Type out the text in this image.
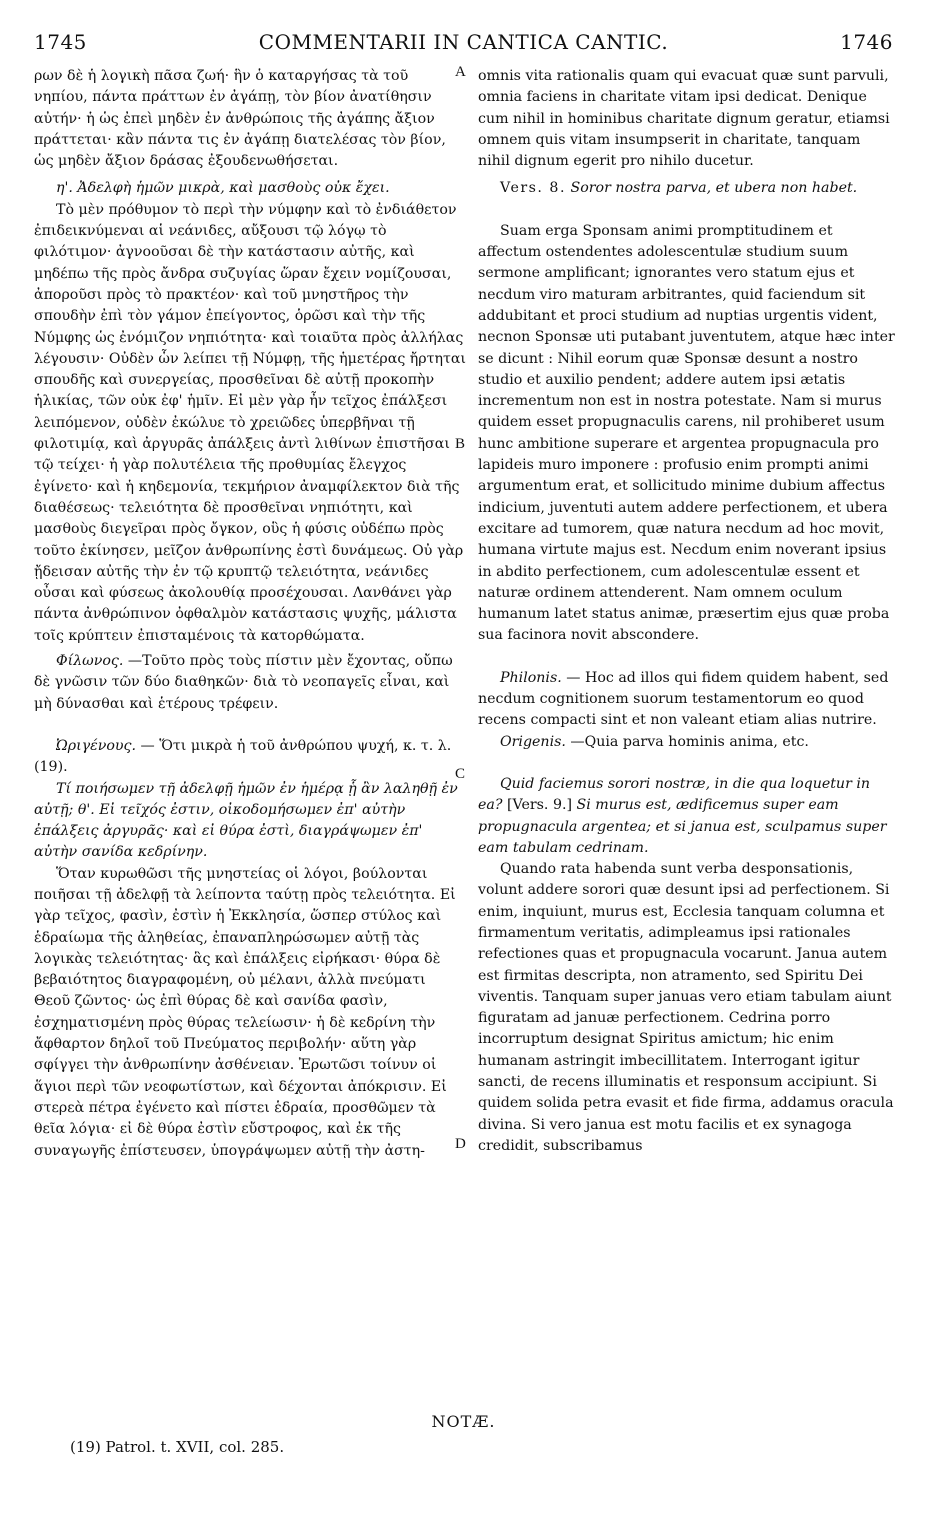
1745	COMMENTARII IN CANTICA CANTIC.	1746

ρων δὲ ἡ λογικὴ πᾶσα ζωή· ἣν ὁ καταργήσας τὰ τοῦ νηπίου, πάντα πράττων ἐν ἀγάπῃ, τὸν βίον ἀνατίθησιν αὐτήν· ἡ ὡς ἐπεὶ μηδὲν ἐν ἀνθρώποις τῆς ἀγάπης ἄξιον πράττεται· κἂν πάντα τις ἐν ἀγάπῃ διατελέσας τὸν βίον, ὡς μηδὲν ἄξιον δράσας ἐξουδενωθήσεται.

η'. Ἀδελφὴ ἡμῶν μικρὰ, καὶ μασθοὺς οὐκ ἔχει.

Τὸ μὲν πρόθυμον τὸ περὶ τὴν νύμφην καὶ τὸ ἐνδιάθετον ἐπιδεικνύμεναι αἱ νεάνιδες, αὔξουσι τῷ λόγῳ τὸ φιλότιμον· ἀγνοοῦσαι δὲ τὴν κατάστασιν αὐτῆς, καὶ μηδέπω τῆς πρὸς ἄνδρα συζυγίας ὥραν ἔχειν νομίζουσαι, ἀποροῦσι πρὸς τὸ πρακτέον· καὶ τοῦ μνηστῆρος τὴν σπουδὴν ἐπὶ τὸν γάμον ἐπείγοντος, ὁρῶσι καὶ τὴν τῆς Νύμφης ὡς ἐνόμιζον νηπιότητα· καὶ τοιαῦτα πρὸς ἀλλήλας λέγουσιν· Οὐδὲν ὧν λείπει τῇ Νύμφῃ, τῆς ἡμετέρας ἤρτηται σπουδῆς καὶ συνεργείας, προσθεῖναι δὲ αὐτῇ προκοπὴν ἡλικίας, τῶν οὐκ ἐφ' ἡμῖν. Εἰ μὲν γὰρ ἦν τεῖχος ἐπάλξεσι λειπόμενον, οὐδὲν ἐκώλυε τὸ χρειῶδες ὑπερβῆναι τῇ φιλοτιμίᾳ, καὶ ἀργυρᾶς ἀπάλξεις ἀντὶ λιθίνων ἐπιστῆσαι τῷ τείχει· ἡ γὰρ πολυτέλεια τῆς προθυμίας ἔλεγχος ἐγίνετο· καὶ ἡ κηδεμονία, τεκμήριον ἀναμφίλεκτον διὰ τῆς διαθέσεως· τελειότητα δὲ προσθεῖναι νηπιότητι, καὶ μασθοὺς διεγεῖραι πρὸς ὄγκον, οὓς ἡ φύσις οὐδέπω πρὸς τοῦτο ἐκίνησεν, μεῖζον ἀνθρωπίνης ἐστὶ δυνάμεως. Οὐ γὰρ ᾔδεισαν αὐτῆς τὴν ἐν τῷ κρυπτῷ τελειότητα, νεάνιδες οὖσαι καὶ φύσεως ἀκολουθίᾳ προσέχουσαι. Λανθάνει γὰρ πάντα ἀνθρώπινον ὀφθαλμὸν κατάστασις ψυχῆς, μάλιστα τοῖς κρύπτειν ἐπισταμένοις τὰ κατορθώματα.

Φίλωνος. —Τοῦτο πρὸς τοὺς πίστιν μὲν ἔχοντας, οὔπω δὲ γνῶσιν τῶν δύο διαθηκῶν· διὰ τὸ νεοπαγεῖς εἶναι, καὶ μὴ δύνασθαι καὶ ἑτέρους τρέφειν.

Ὠριγένους. — Ὅτι μικρὰ ἡ τοῦ ἀνθρώπου ψυχή, κ. τ. λ. (19).

Τί ποιήσωμεν τῇ ἀδελφῇ ἡμῶν ἐν ἡμέρᾳ ᾗ ἂν λαληθῇ ἐν αὐτῇ; θ'. Εἰ τεῖχός ἐστιν, οἰκοδομήσωμεν ἐπ' αὐτὴν ἐπάλξεις ἀργυρᾶς· καὶ εἰ θύρα ἐστὶ, διαγράψωμεν ἐπ' αὐτὴν σανίδα κεδρίνην.

Ὅταν κυρωθῶσι τῆς μνηστείας οἱ λόγοι, βούλονται ποιῆσαι τῇ ἀδελφῇ τὰ λείποντα ταύτῃ πρὸς τελειότητα. Εἰ γὰρ τεῖχος, φασὶν, ἐστὶν ἡ Ἐκκλησία, ὥσπερ στύλος καὶ ἑδραίωμα τῆς ἀληθείας, ἐπαναπληρώσωμεν αὐτῇ τὰς λογικὰς τελειότητας· ἃς καὶ ἐπάλξεις εἰρήκασι· θύρα δὲ βεβαιότητος διαγραφομένη, οὐ μέλανι, ἀλλὰ πνεύματι Θεοῦ ζῶντος· ὡς ἐπὶ θύρας δὲ καὶ σανίδα φασὶν, ἐσχηματισμένη πρὸς θύρας τελείωσιν· ἡ δὲ κεδρίνη τὴν ἄφθαρτον δηλοῖ τοῦ Πνεύματος περιβολήν· αὕτη γὰρ σφίγγει τὴν ἀνθρωπίνην ἀσθένειαν. Ἐρωτῶσι τοίνυν οἱ ἅγιοι περὶ τῶν νεοφωτίστων, καὶ δέχονται ἀπόκρισιν. Εἰ στερεὰ πέτρα ἐγένετο καὶ πίστει ἑδραία, προσθῶμεν τὰ θεῖα λόγια· εἰ δὲ θύρα ἐστὶν εὔστροφος, καὶ ἐκ τῆς συναγωγῆς ἐπίστευσεν, ὑπογράψωμεν αὐτῇ τὴν ἀστη-

omnis vita rationalis quam qui evacuat quæ sunt parvuli, omnia faciens in charitate vitam ipsi dedicat. Denique cum nihil in hominibus charitate dignum geratur, etiamsi omnem quis vitam insumpserit in charitate, tanquam nihil dignum egerit pro nihilo ducetur.

Vers. 8. Soror nostra parva, et ubera non habet.

Suam erga Sponsam animi promptitudinem et affectum ostendentes adolescentulæ studium suum sermone amplificant; ignorantes vero statum ejus et necdum viro maturam arbitrantes, quid faciendum sit addubitant et proci studium ad nuptias urgentis vident, necnon Sponsæ uti putabant juventutem, atque hæc inter se dicunt : Nihil eorum quæ Sponsæ desunt a nostro studio et auxilio pendent; addere autem ipsi ætatis incrementum non est in nostra potestate. Nam si murus quidem esset propugnaculis carens, nil prohiberet usum hunc ambitione superare et argentea propugnacula pro lapideis muro imponere : profusio enim prompti animi argumentum erat, et sollicitudo minime dubium affectus indicium, juventuti autem addere perfectionem, et ubera excitare ad tumorem, quæ natura necdum ad hoc movit, humana virtute majus est. Necdum enim noverant ipsius in abdito perfectionem, cum adolescentulæ essent et naturæ ordinem attenderent. Nam omnem oculum humanum latet status animæ, præsertim ejus quæ proba sua facinora novit abscondere.

Philonis. — Hoc ad illos qui fidem quidem habent, sed necdum cognitionem suorum testamentorum eo quod recens compacti sint et non valeant etiam alias nutrire.

Origenis. —Quia parva hominis anima, etc.

Quid faciemus sorori nostræ, in die qua loquetur in ea? [Vers. 9.] Si murus est, ædificemus super eam propugnacula argentea; et si janua est, sculpamus super eam tabulam cedrinam.

Quando rata habenda sunt verba desponsationis, volunt addere sorori quæ desunt ipsi ad perfectionem. Si enim, inquiunt, murus est, Ecclesia tanquam columna et firmamentum veritatis, adimpleamus ipsi rationales refectiones quas et propugnacula vocarunt. Janua autem est firmitas descripta, non atramento, sed Spiritu Dei viventis. Tanquam super januas vero etiam tabulam aiunt figuratam ad januæ perfectionem. Cedrina porro incorruptum designat Spiritus amictum; hic enim humanam astringit imbecillitatem. Interrogant igitur sancti, de recens illuminatis et responsum accipiunt. Si quidem solida petra evasit et fide firma, addamus oracula divina. Si vero janua est motu facilis et ex synagoga credidit, subscribamus

A
B
C
D
NOTÆ.
(19) Patrol. t. XVII, col. 285.
